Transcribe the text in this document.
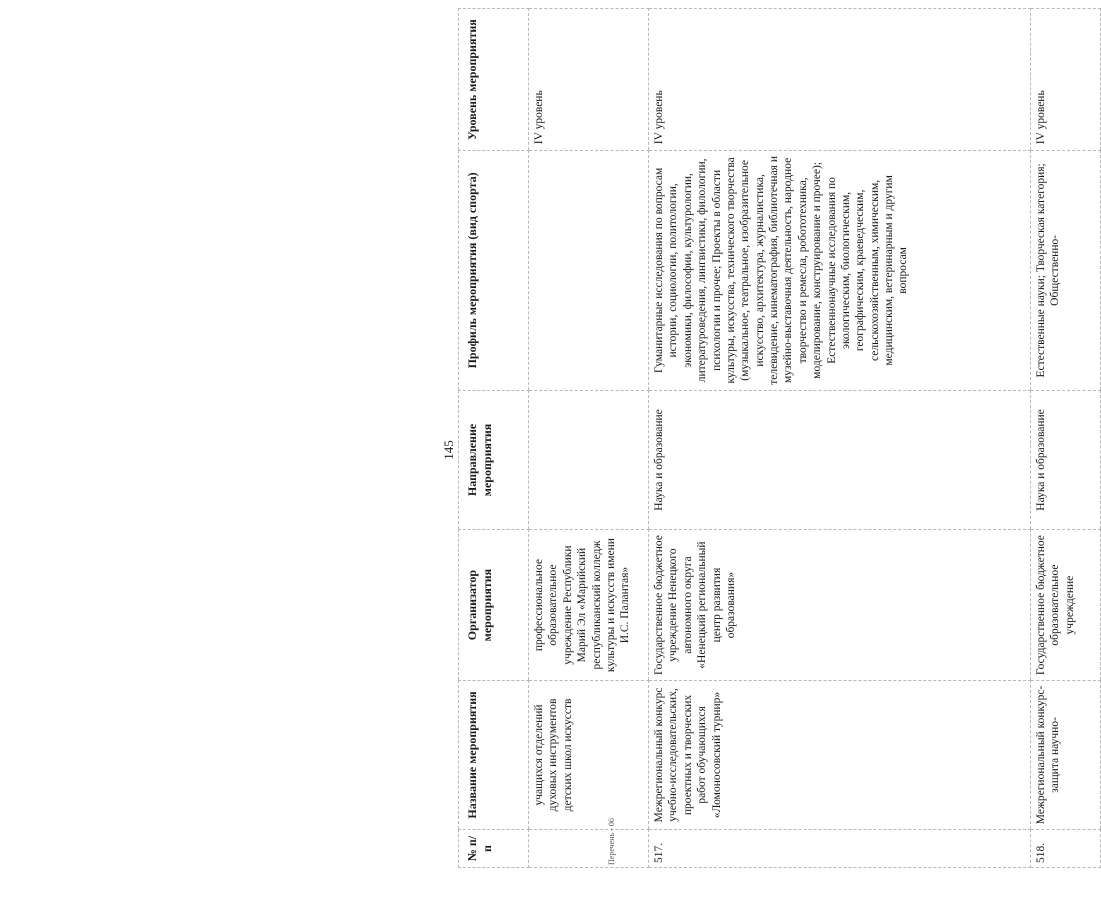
145
№ п/п	Название мероприятия	Организатор мероприятия	Направление мероприятия	Профиль мероприятия (вид спорта)	Уровень мероприятия
	учащихся отделений духовых инструментов детских школ искусств	профессиональное образовательное учреждение Республики Марий Эл «Марийский республиканский колледж культуры и искусств имени И.С. Палантая»			IV уровень
517.	Межрегиональный конкурс учебно-исследовательских, проектных и творческих работ обучающихся «Ломоносовский турнир»	Государственное бюджетное учреждение Ненецкого автономного округа «Ненецкий региональный центр развития образования»	Наука и образование	Гуманитарные исследования по вопросам истории, социологии, политологии, экономики, философии, культурологии, литературоведения, лингвистики, филологии, психологии и прочее; Проекты в области культуры, искусства, технического творчества (музыкальное, театральное, изобразительное искусство, архитектура, журналистика, телевидение, кинематография, библиотечная и музейно-выставочная деятельность, народное творчество и ремесла, робототехника, моделирование, конструирование и прочее); Естественнонаучные исследования по экологическим, биологическим, географическим, краеведческим, сельскохозяйственным, химическим, медицинским, ветеринарным и другим вопросам	IV уровень
518.	Межрегиональный конкурс-защита научно-	Государственное бюджетное образовательное учреждение	Наука и образование	Естественные науки; Творческая категория; Общественно-	IV уровень
Перечень - 06
